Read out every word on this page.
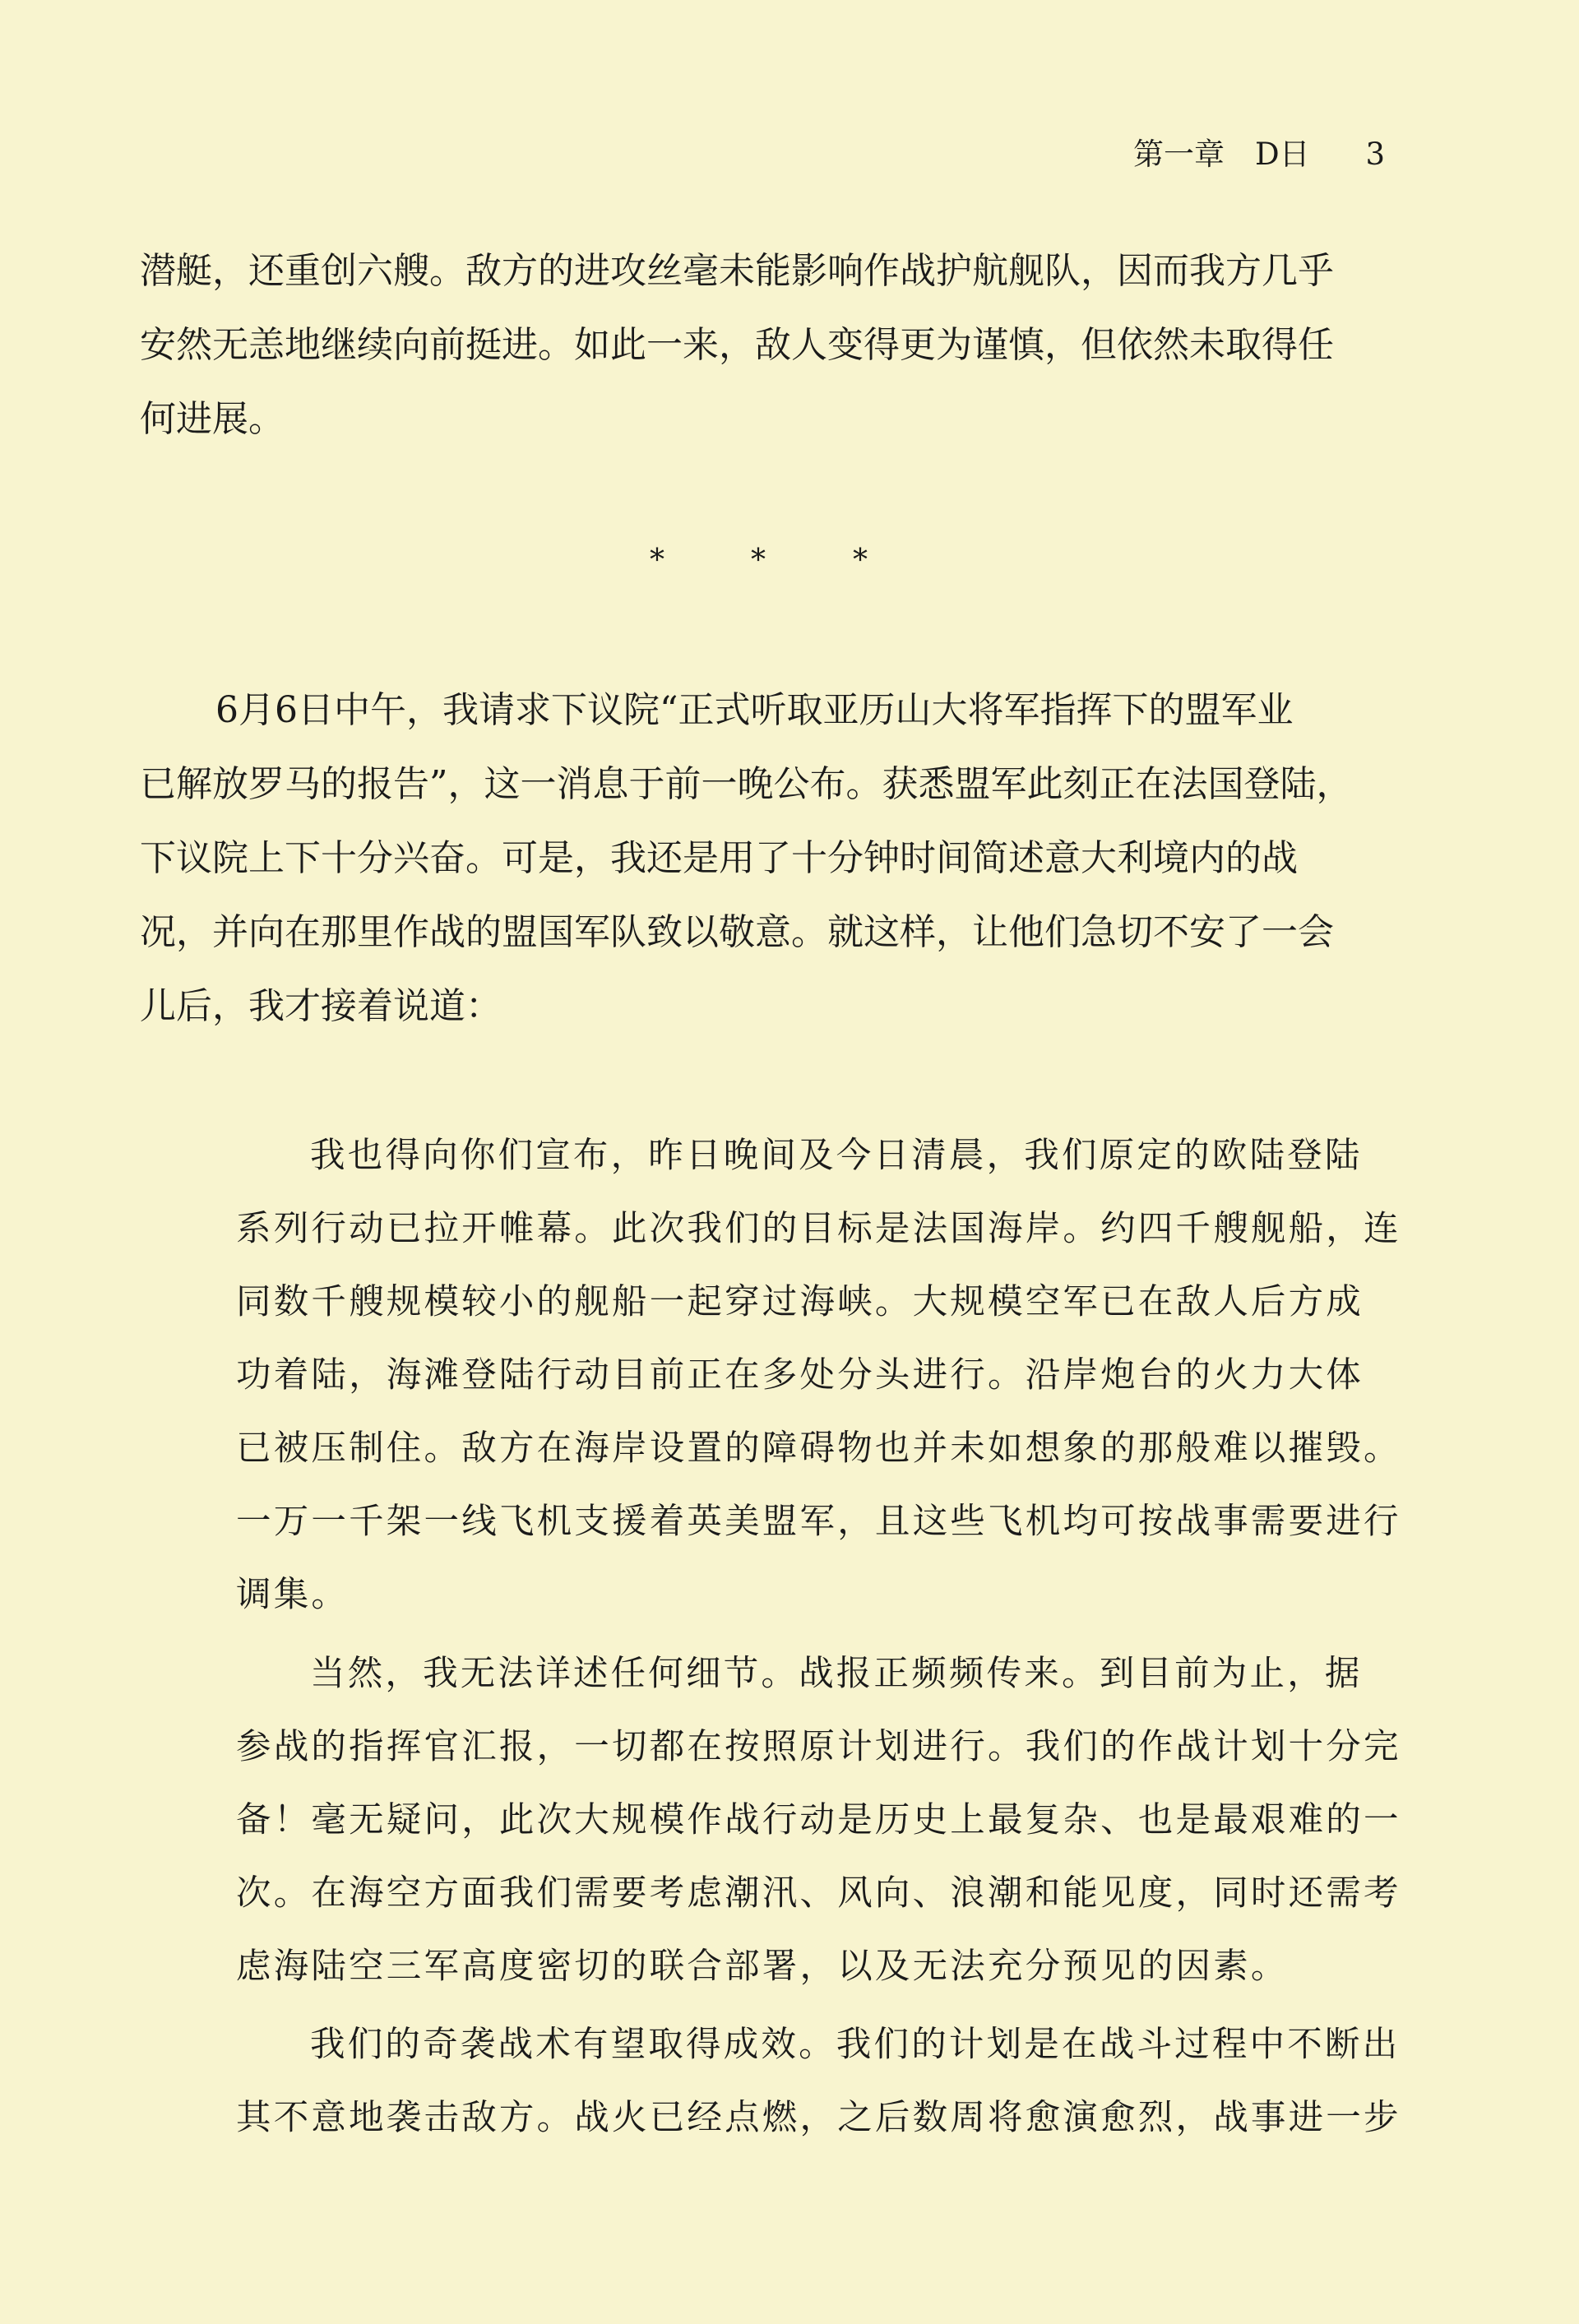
第一章　D日 3
潜艇，还重创六艘。敌方的进攻丝毫未能影响作战护航舰队，因而我方几乎
安然无恙地继续向前挺进。如此一来，敌人变得更为谨慎，但依然未取得任
何进展。
*	*	*
6月6日中午，我请求下议院“正式听取亚历山大将军指挥下的盟军业
已解放罗马的报告”，这一消息于前一晚公布。获悉盟军此刻正在法国登陆，
下议院上下十分兴奋。可是，我还是用了十分钟时间简述意大利境内的战
况，并向在那里作战的盟国军队致以敬意。就这样，让他们急切不安了一会
儿后，我才接着说道：
我也得向你们宣布，昨日晚间及今日清晨，我们原定的欧陆登陆
系列行动已拉开帷幕。此次我们的目标是法国海岸。约四千艘舰船，连
同数千艘规模较小的舰船一起穿过海峡。大规模空军已在敌人后方成
功着陆，海滩登陆行动目前正在多处分头进行。沿岸炮台的火力大体
已被压制住。敌方在海岸设置的障碍物也并未如想象的那般难以摧毁。
一万一千架一线飞机支援着英美盟军，且这些飞机均可按战事需要进行
调集。
当然，我无法详述任何细节。战报正频频传来。到目前为止，据
参战的指挥官汇报，一切都在按照原计划进行。我们的作战计划十分完
备！毫无疑问，此次大规模作战行动是历史上最复杂、也是最艰难的一
次。在海空方面我们需要考虑潮汛、风向、浪潮和能见度，同时还需考
虑海陆空三军高度密切的联合部署，以及无法充分预见的因素。
我们的奇袭战术有望取得成效。我们的计划是在战斗过程中不断出
其不意地袭击敌方。战火已经点燃，之后数周将愈演愈烈，战事进一步
